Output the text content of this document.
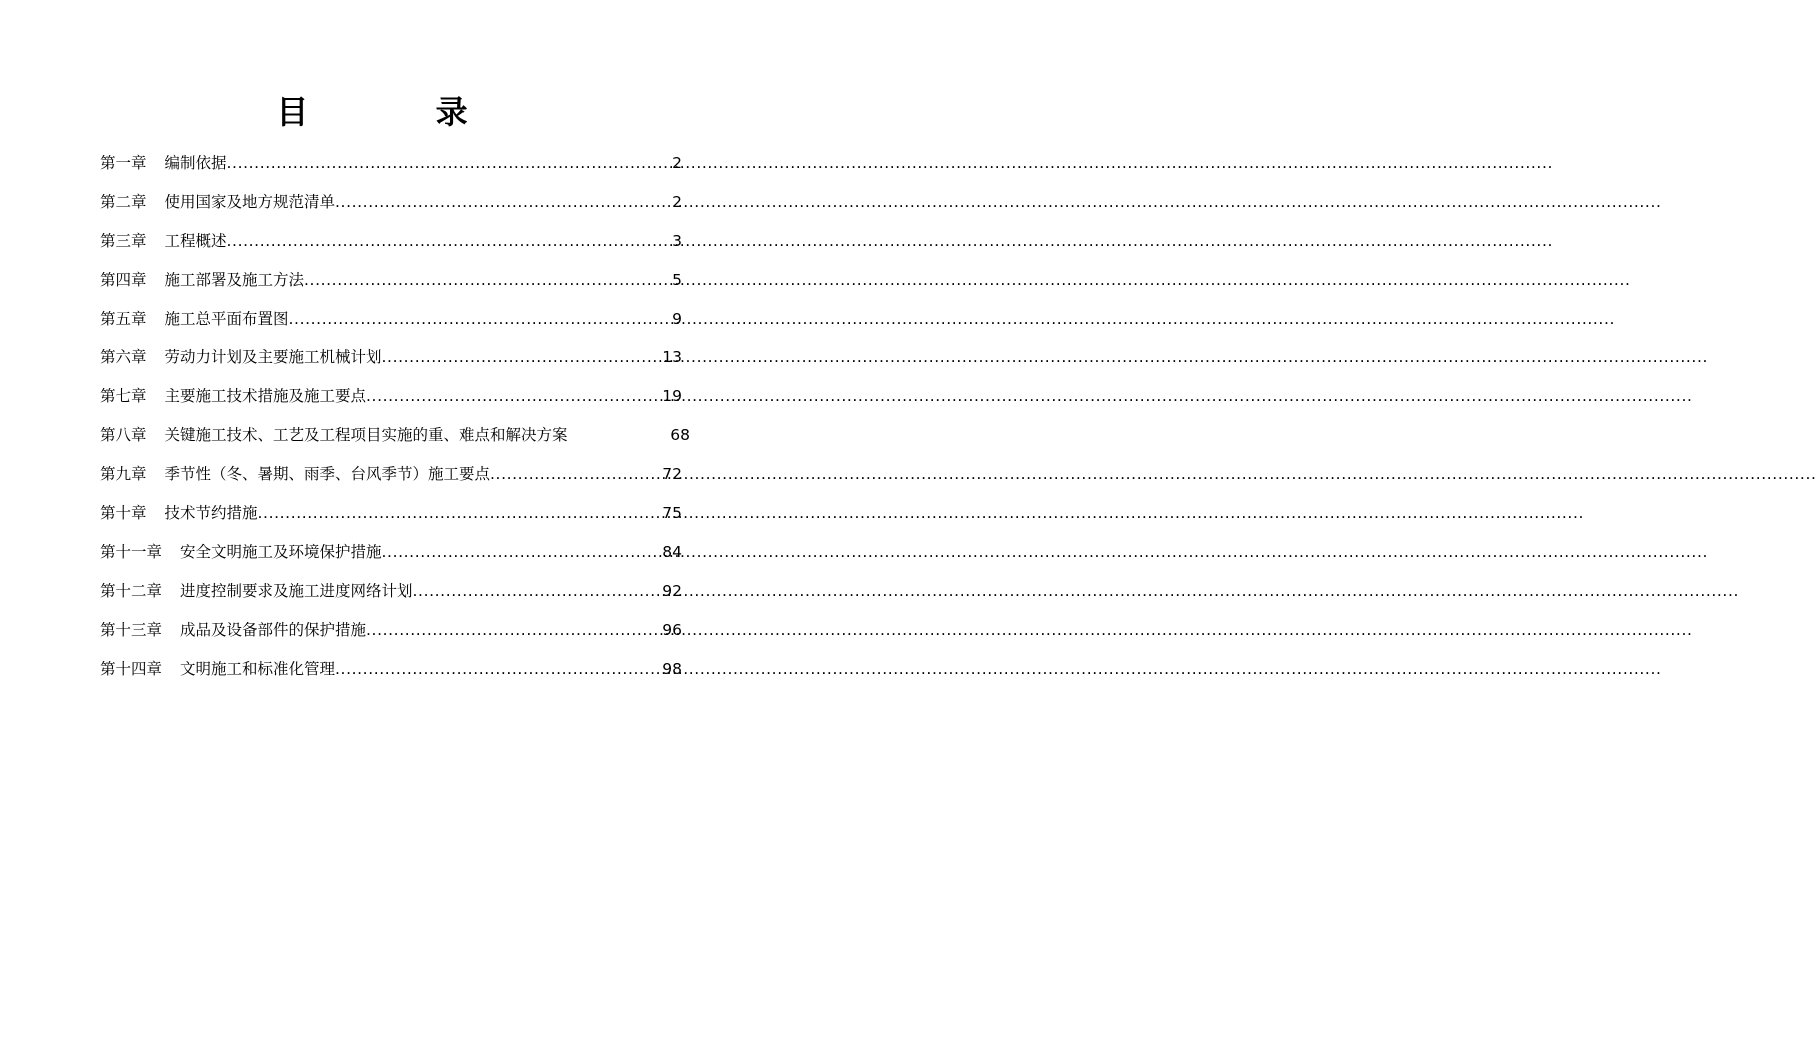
目 录
第一章 编制依据 .....	2
第二章 使用国家及地方规范清单 .....	2
第三章 工程概述 .....	3
第四章 施工部署及施工方法 .....	5
第五章 施工总平面布置图 .....	9
第六章 劳动力计划及主要施工机械计划 .....	13
第七章 主要施工技术措施及施工要点 .....	19
第八章 关键施工技术、工艺及工程项目实施的重、难点和解决方案	68
第九章 季节性（冬、暑期、雨季、台风季节）施工要点 .....	72
第十章 技术节约措施 .....	75
第十一章 安全文明施工及环境保护措施 .....	84
第十二章 进度控制要求及施工进度网络计划 .....	92
第十三章 成品及设备部件的保护措施 .....	96
第十四章 文明施工和标准化管理 .....	98
